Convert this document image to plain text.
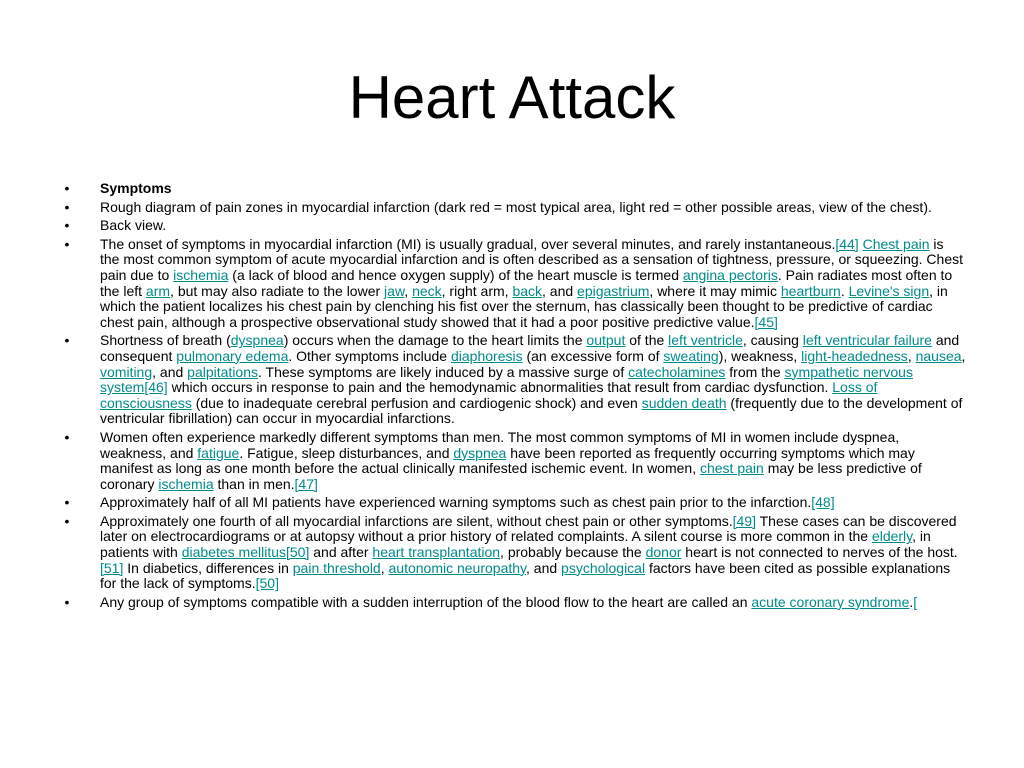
Heart Attack
•	Symptoms
•	Rough diagram of pain zones in myocardial infarction (dark red = most typical area, light red = other possible areas, view of the chest).
•	Back view.
•	The onset of symptoms in myocardial infarction (MI) is usually gradual, over several minutes, and rarely instantaneous.[44] Chest pain is the most common symptom of acute myocardial infarction and is often described as a sensation of tightness, pressure, or squeezing. Chest pain due to ischemia (a lack of blood and hence oxygen supply) of the heart muscle is termed angina pectoris. Pain radiates most often to the left arm, but may also radiate to the lower jaw, neck, right arm, back, and epigastrium, where it may mimic heartburn. Levine's sign, in which the patient localizes his chest pain by clenching his fist over the sternum, has classically been thought to be predictive of cardiac chest pain, although a prospective observational study showed that it had a poor positive predictive value.[45]
•	Shortness of breath (dyspnea) occurs when the damage to the heart limits the output of the left ventricle, causing left ventricular failure and consequent pulmonary edema. Other symptoms include diaphoresis (an excessive form of sweating), weakness, light-headedness, nausea, vomiting, and palpitations. These symptoms are likely induced by a massive surge of catecholamines from the sympathetic nervous system[46] which occurs in response to pain and the hemodynamic abnormalities that result from cardiac dysfunction. Loss of consciousness (due to inadequate cerebral perfusion and cardiogenic shock) and even sudden death (frequently due to the development of ventricular fibrillation) can occur in myocardial infarctions.
•	Women often experience markedly different symptoms than men. The most common symptoms of MI in women include dyspnea, weakness, and fatigue. Fatigue, sleep disturbances, and dyspnea have been reported as frequently occurring symptoms which may manifest as long as one month before the actual clinically manifested ischemic event. In women, chest pain may be less predictive of coronary ischemia than in men.[47]
•	Approximately half of all MI patients have experienced warning symptoms such as chest pain prior to the infarction.[48]
•	Approximately one fourth of all myocardial infarctions are silent, without chest pain or other symptoms.[49] These cases can be discovered later on electrocardiograms or at autopsy without a prior history of related complaints. A silent course is more common in the elderly, in patients with diabetes mellitus[50] and after heart transplantation, probably because the donor heart is not connected to nerves of the host.[51] In diabetics, differences in pain threshold, autonomic neuropathy, and psychological factors have been cited as possible explanations for the lack of symptoms.[50]
•	Any group of symptoms compatible with a sudden interruption of the blood flow to the heart are called an acute coronary syndrome.[
